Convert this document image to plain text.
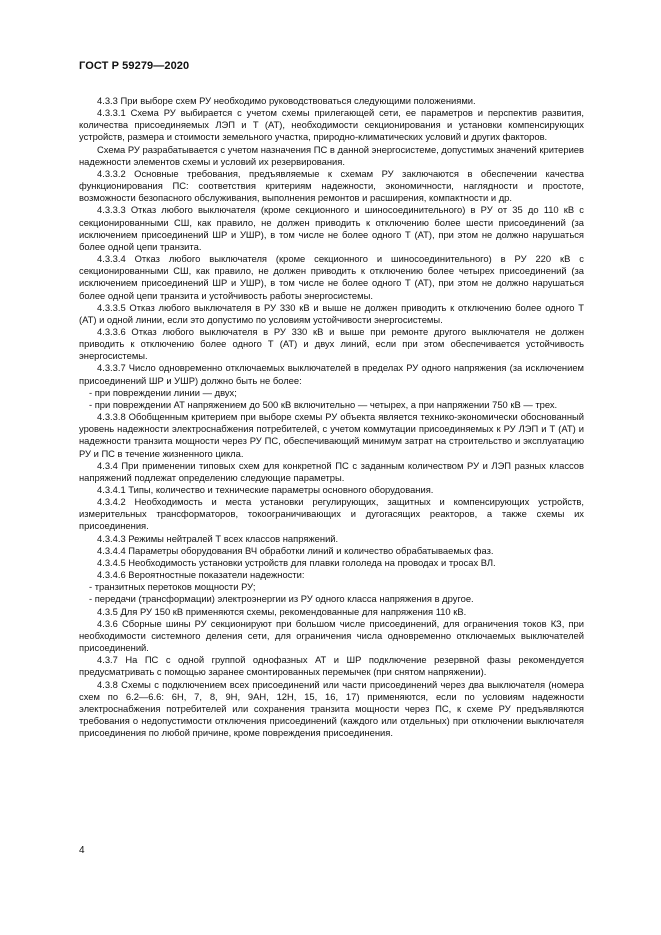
ГОСТ Р 59279—2020

4.3.3 При выборе схем РУ необходимо руководствоваться следующими положениями.

4.3.3.1 Схема РУ выбирается с учетом схемы прилегающей сети, ее параметров и перспектив развития, количества присоединяемых ЛЭП и Т (АТ), необходимости секционирования и установки компенсирующих устройств, размера и стоимости земельного участка, природно-климатических условий и других факторов.

Схема РУ разрабатывается с учетом назначения ПС в данной энергосистеме, допустимых значений критериев надежности элементов схемы и условий их резервирования.

4.3.3.2 Основные требования, предъявляемые к схемам РУ заключаются в обеспечении качества функционирования ПС: соответствия критериям надежности, экономичности, наглядности и простоте, возможности безопасного обслуживания, выполнения ремонтов и расширения, компактности и др.

4.3.3.3 Отказ любого выключателя (кроме секционного и шиносоединительного) в РУ от 35 до 110 кВ с секционированными СШ, как правило, не должен приводить к отключению более шести присоединений (за исключением присоединений ШР и УШР), в том числе не более одного Т (АТ), при этом не должно нарушаться более одной цепи транзита.

4.3.3.4 Отказ любого выключателя (кроме секционного и шиносоединительного) в РУ 220 кВ с секционированными СШ, как правило, не должен приводить к отключению более четырех присоединений (за исключением присоединений ШР и УШР), в том числе не более одного Т (АТ), при этом не должно нарушаться более одной цепи транзита и устойчивость работы энергосистемы.

4.3.3.5 Отказ любого выключателя в РУ 330 кВ и выше не должен приводить к отключению более одного Т (АТ) и одной линии, если это допустимо по условиям устойчивости энергосистемы.

4.3.3.6 Отказ любого выключателя в РУ 330 кВ и выше при ремонте другого выключателя не должен приводить к отключению более одного Т (АТ) и двух линий, если при этом обеспечивается устойчивость энергосистемы.

4.3.3.7 Число одновременно отключаемых выключателей в пределах РУ одного напряжения (за исключением присоединений ШР и УШР) должно быть не более:

- при повреждении линии — двух;

- при повреждении АТ напряжением до 500 кВ включительно — четырех, а при напряжении 750 кВ — трех.

4.3.3.8 Обобщенным критерием при выборе схемы РУ объекта является технико-экономически обоснованный уровень надежности электроснабжения потребителей, с учетом коммутации присоединяемых к РУ ЛЭП и Т (АТ) и надежности транзита мощности через РУ ПС, обеспечивающий минимум затрат на строительство и эксплуатацию РУ и ПС в течение жизненного цикла.

4.3.4 При применении типовых схем для конкретной ПС с заданным количеством РУ и ЛЭП разных классов напряжений подлежат определению следующие параметры.

4.3.4.1 Типы, количество и технические параметры основного оборудования.

4.3.4.2 Необходимость и места установки регулирующих, защитных и компенсирующих устройств, измерительных трансформаторов, токоограничивающих и дугогасящих реакторов, а также схемы их присоединения.

4.3.4.3 Режимы нейтралей Т всех классов напряжений.

4.3.4.4 Параметры оборудования ВЧ обработки линий и количество обрабатываемых фаз.

4.3.4.5 Необходимость установки устройств для плавки гололеда на проводах и тросах ВЛ.

4.3.4.6 Вероятностные показатели надежности:

- транзитных перетоков мощности РУ;

- передачи (трансформации) электроэнергии из РУ одного класса напряжения в другое.

4.3.5 Для РУ 150 кВ применяются схемы, рекомендованные для напряжения 110 кВ.

4.3.6 Сборные шины РУ секционируют при большом числе присоединений, для ограничения токов КЗ, при необходимости системного деления сети, для ограничения числа одновременно отключаемых выключателей присоединений.

4.3.7 На ПС с одной группой однофазных АТ и ШР подключение резервной фазы рекомендуется предусматривать с помощью заранее смонтированных перемычек (при снятом напряжении).

4.3.8 Схемы с подключением всех присоединений или части присоединений через два выключателя (номера схем по 6.2—6.6: 6Н, 7, 8, 9Н, 9АН, 12Н, 15, 16, 17) применяются, если по условиям надежности электроснабжения потребителей или сохранения транзита мощности через ПС, к схеме РУ предъявляются требования о недопустимости отключения присоединений (каждого или отдельных) при отключении выключателя присоединения по любой причине, кроме повреждения присоединения.

4
